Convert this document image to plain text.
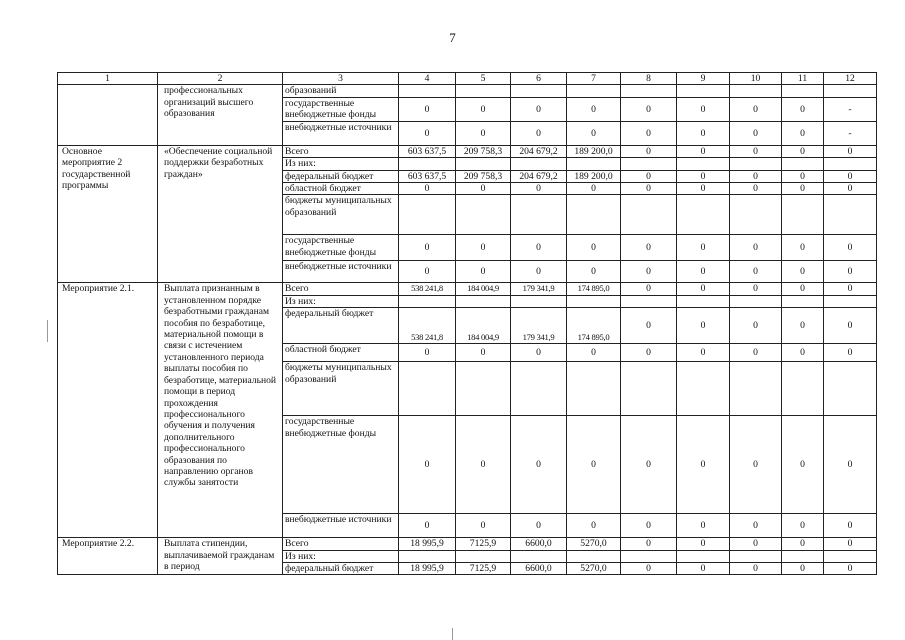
7
1	2	3	4	5	6	7	8	9	10	11	12
	профессиональных организаций высшего образования	образований									
		государственные внебюджетные фонды	0	0	0	0	0	0	0	0	-
		внебюджетные источники	0	0	0	0	0	0	0	0	-
Основное мероприятие 2 государственной программы	«Обеспечение социальной поддержки безработных граждан»	Всего	603 637,5	209 758,3	204 679,2	189 200,0	0	0	0	0	0
		Из них:									
		федеральный бюджет	603 637,5	209 758,3	204 679,2	189 200,0	0	0	0	0	0
		областной бюджет	0	0	0	0	0	0	0	0	0
		бюджеты муниципальных образований									
		государственные внебюджетные фонды	0	0	0	0	0	0	0	0	0
		внебюджетные источники	0	0	0	0	0	0	0	0	0
Мероприятие 2.1.	Выплата признанным в установленном порядке безработными гражданам пособия по безработице, материальной помощи в связи с истечением установленного периода выплаты пособия по безработице, материальной помощи в период прохождения профессионального обучения и получения дополнительного профессионального образования по направлению органов службы занятости	Всего	538 241,8	184 004,9	179 341,9	174 895,0	0	0	0	0	0
		Из них:									
		федеральный бюджет	538 241,8	184 004,9	179 341,9	174 895,0	0	0	0	0	0
		областной бюджет	0	0	0	0	0	0	0	0	0
		бюджеты муниципальных образований									
		государственные внебюджетные фонды	0	0	0	0	0	0	0	0	0
		внебюджетные источники	0	0	0	0	0	0	0	0	0
Мероприятие 2.2.	Выплата стипендии, выплачиваемой гражданам в период	Всего	18 995,9	7125,9	6600,0	5270,0	0	0	0	0	0
		Из них:									
		федеральный бюджет	18 995,9	7125,9	6600,0	5270,0	0	0	0	0	0
